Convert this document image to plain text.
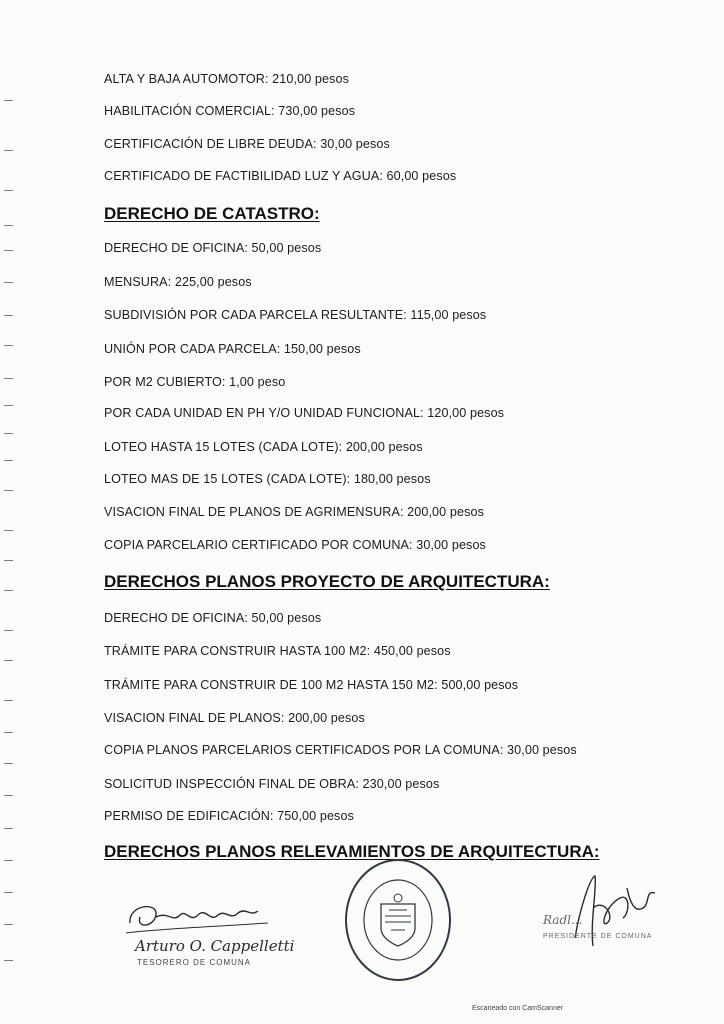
ALTA Y BAJA AUTOMOTOR: 210,00 pesos
HABILITACIÓN COMERCIAL: 730,00 pesos
CERTIFICACIÓN DE LIBRE DEUDA: 30,00 pesos
CERTIFICADO DE FACTIBILIDAD LUZ Y AGUA: 60,00 pesos
DERECHO DE CATASTRO:
DERECHO DE OFICINA: 50,00 pesos
MENSURA: 225,00 pesos
SUBDIVISIÓN POR CADA PARCELA RESULTANTE: 115,00 pesos
UNIÓN POR CADA PARCELA: 150,00 pesos
POR M2 CUBIERTO: 1,00 peso
POR CADA UNIDAD EN PH Y/O UNIDAD FUNCIONAL: 120,00 pesos
LOTEO HASTA 15 LOTES (CADA LOTE): 200,00 pesos
LOTEO MAS DE 15 LOTES (CADA LOTE): 180,00 pesos
VISACION FINAL DE PLANOS DE AGRIMENSURA: 200,00 pesos
COPIA PARCELARIO CERTIFICADO POR COMUNA: 30,00 pesos
DERECHOS PLANOS PROYECTO DE ARQUITECTURA:
DERECHO DE OFICINA: 50,00 pesos
TRÁMITE PARA CONSTRUIR HASTA 100 M2: 450,00 pesos
TRÁMITE PARA CONSTRUIR DE 100 M2 HASTA 150 M2: 500,00 pesos
VISACION FINAL DE PLANOS: 200,00 pesos
COPIA PLANOS PARCELARIOS CERTIFICADOS POR LA COMUNA: 30,00 pesos
SOLICITUD INSPECCIÓN FINAL DE OBRA: 230,00 pesos
PERMISO DE EDIFICACIÓN: 750,00 pesos
DERECHOS PLANOS RELEVAMIENTOS DE ARQUITECTURA:
Arturo O. Cappelletti
TESORERO DE COMUNA
Radl...
PRESIDENTE DE COMUNA
Escaneado con CamScanner
